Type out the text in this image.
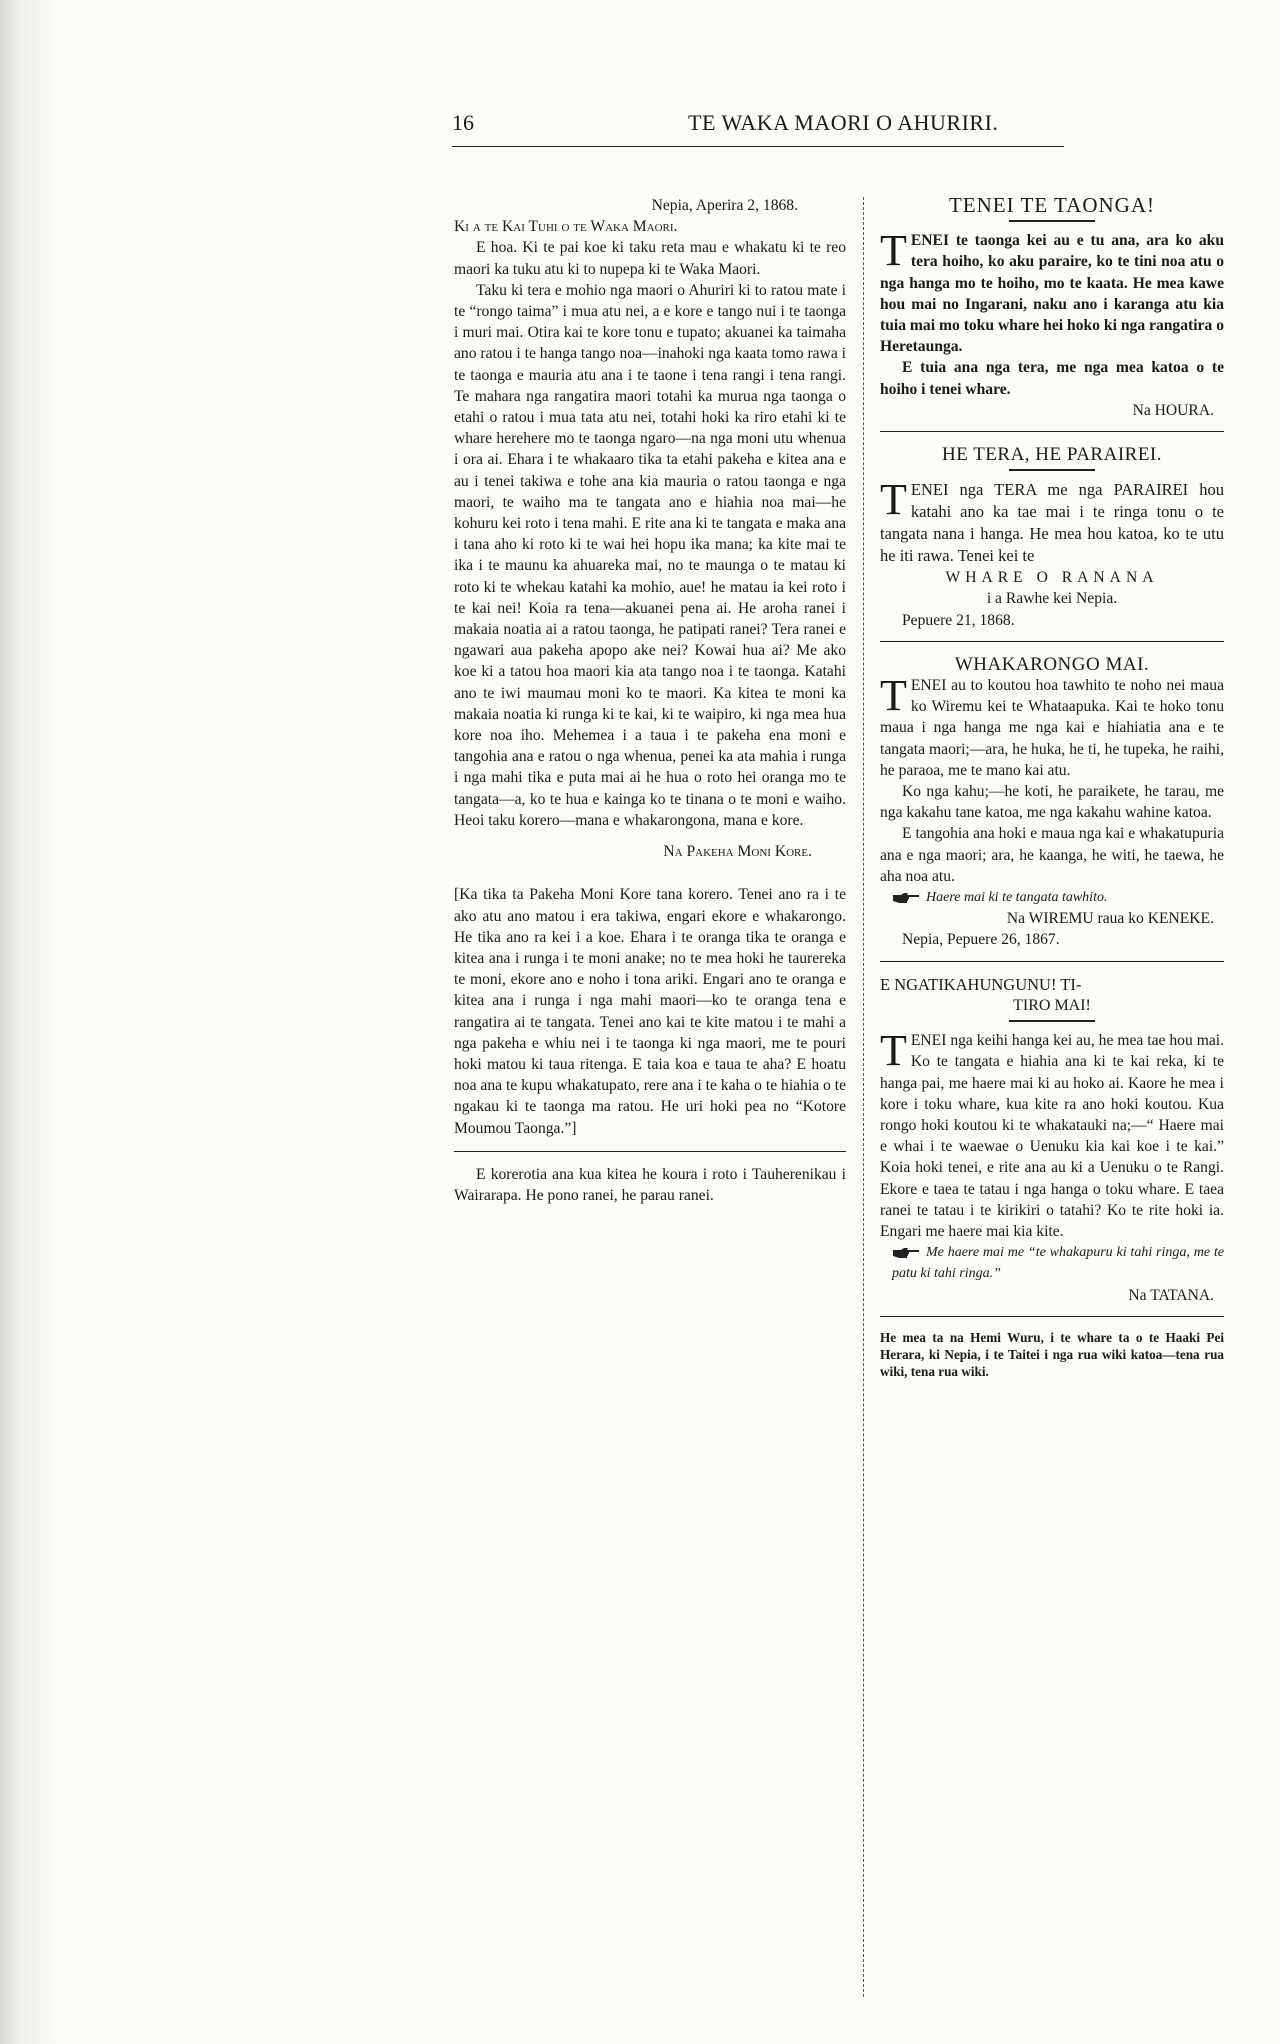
16	TE WAKA MAORI O AHURIRI.

Nepia, Aperira 2, 1868.

Ki a te Kai Tuhi o te Waka Maori.

E hoa. Ki te pai koe ki taku reta mau e whakatu ki te reo maori ka tuku atu ki to nupepa ki te Waka Maori.

Taku ki tera e mohio nga maori o Ahuriri ki to ratou mate i te “rongo taima” i mua atu nei, a e kore e tango nui i te taonga i muri mai. Otira kai te kore tonu e tupato; akuanei ka taimaha ano ratou i te hanga tango noa—inahoki nga kaata tomo rawa i te taonga e mauria atu ana i te taone i tena rangi i tena rangi. Te mahara nga rangatira maori totahi ka murua nga taonga o etahi o ratou i mua tata atu nei, totahi hoki ka riro etahi ki te whare herehere mo te taonga ngaro—na nga moni utu whenua i ora ai. Ehara i te whakaaro tika ta etahi pakeha e kitea ana e au i tenei takiwa e tohe ana kia mauria o ratou taonga e nga maori, te waiho ma te tangata ano e hiahia noa mai—he kohuru kei roto i tena mahi. E rite ana ki te tangata e maka ana i tana aho ki roto ki te wai hei hopu ika mana; ka kite mai te ika i te maunu ka ahuareka mai, no te maunga o te matau ki roto ki te whekau katahi ka mohio, aue! he matau ia kei roto i te kai nei! Koia ra tena—akuanei pena ai. He aroha ranei i makaia noatia ai a ratou taonga, he patipati ranei? Tera ranei e ngawari aua pakeha apopo ake nei? Kowai hua ai? Me ako koe ki a tatou hoa maori kia ata tango noa i te taonga. Katahi ano te iwi maumau moni ko te maori. Ka kitea te moni ka makaia noatia ki runga ki te kai, ki te waipiro, ki nga mea hua kore noa iho. Mehemea i a taua i te pakeha ena moni e tangohia ana e ratou o nga whenua, penei ka ata mahia i runga i nga mahi tika e puta mai ai he hua o roto hei oranga mo te tangata—a, ko te hua e kainga ko te tinana o te moni e waiho. Heoi taku korero—mana e whakarongona, mana e kore.

Na Pakeha Moni Kore.

[Ka tika ta Pakeha Moni Kore tana korero. Tenei ano ra i te ako atu ano matou i era takiwa, engari ekore e whakarongo. He tika ano ra kei i a koe. Ehara i te oranga tika te oranga e kitea ana i runga i te moni anake; no te mea hoki he taurereka te moni, ekore ano e noho i tona ariki. Engari ano te oranga e kitea ana i runga i nga mahi maori—ko te oranga tena e rangatira ai te tangata. Tenei ano kai te kite matou i te mahi a nga pakeha e whiu nei i te taonga ki nga maori, me te pouri hoki matou ki taua ritenga. E taia koa e taua te aha? E hoatu noa ana te kupu whakatupato, rere ana i te kaha o te hiahia o te ngakau ki te taonga ma ratou. He uri hoki pea no “Kotore Moumou Taonga.”]

E korerotia ana kua kitea he koura i roto i Tauherenikau i Wairarapa. He pono ranei, he parau ranei.

TENEI TE TAONGA!

TENEI te taonga kei au e tu ana, ara ko aku tera hoiho, ko aku paraire, ko te tini noa atu o nga hanga mo te hoiho, mo te kaata. He mea kawe hou mai no Ingarani, naku ano i karanga atu kia tuia mai mo toku whare hei hoko ki nga rangatira o Heretaunga.

E tuia ana nga tera, me nga mea katoa o te hoiho i tenei whare.

Na HOURA.

HE TERA, HE PARAIREI.

TENEI nga TERA me nga PARAIREI hou katahi ano ka tae mai i te ringa tonu o te tangata nana i hanga. He mea hou katoa, ko te utu he iti rawa. Tenei kei te

WHARE O RANANA

i a Rawhe kei Nepia.

Pepuere 21, 1868.

WHAKARONGO MAI.

TENEI au to koutou hoa tawhito te noho nei maua ko Wiremu kei te Whataapuka. Kai te hoko tonu maua i nga hanga me nga kai e hiahiatia ana e te tangata maori;—ara, he huka, he ti, he tupeka, he raihi, he paraoa, me te mano kai atu.

Ko nga kahu;—he koti, he paraikete, he tarau, me nga kakahu tane katoa, me nga kakahu wahine katoa.

E tangohia ana hoki e maua nga kai e whakatupuria ana e nga maori; ara, he kaanga, he witi, he taewa, he aha noa atu.

Haere mai ki te tangata tawhito.

Na WIREMU raua ko KENEKE.

Nepia, Pepuere 26, 1867.

E NGATIKAHUNGUNU! TI-

TIRO MAI!

TENEI nga keihi hanga kei au, he mea tae hou mai. Ko te tangata e hiahia ana ki te kai reka, ki te hanga pai, me haere mai ki au hoko ai. Kaore he mea i kore i toku whare, kua kite ra ano hoki koutou. Kua rongo hoki koutou ki te whakatauki na;—“ Haere mai e whai i te waewae o Uenuku kia kai koe i te kai.” Koia hoki tenei, e rite ana au ki a Uenuku o te Rangi. Ekore e taea te tatau i nga hanga o toku whare. E taea ranei te tatau i te kirikiri o tatahi? Ko te rite hoki ia. Engari me haere mai kia kite.

Me haere mai me “te whakapuru ki tahi ringa, me te patu ki tahi ringa.”

Na TATANA.

He mea ta na Hemi Wuru, i te whare ta o te Haaki Pei Herara, ki Nepia, i te Taitei i nga rua wiki katoa—tena rua wiki, tena rua wiki.
